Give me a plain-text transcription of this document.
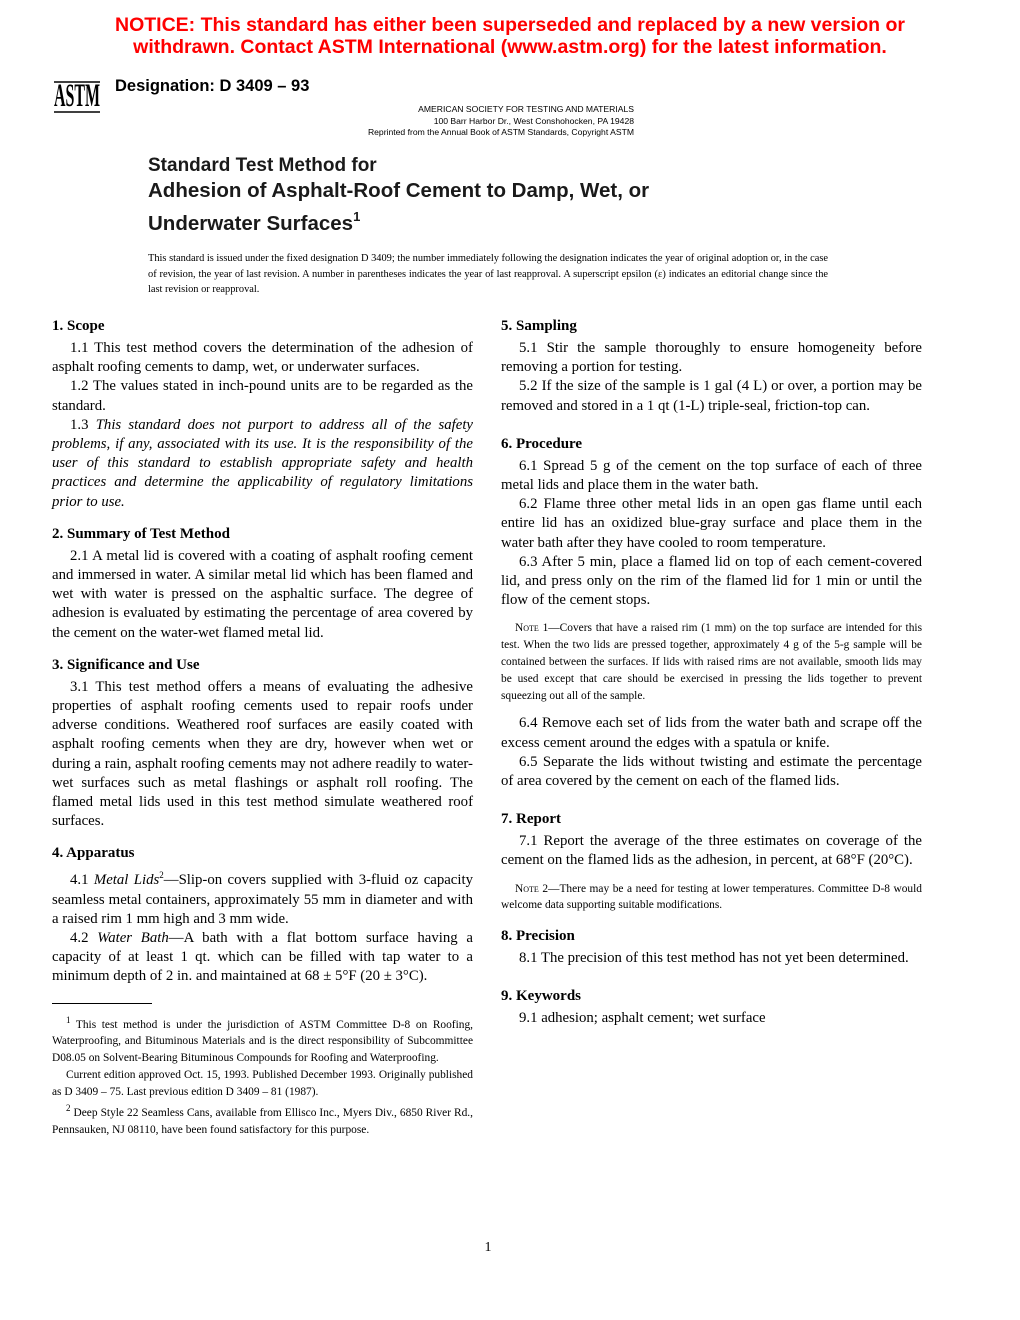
NOTICE: This standard has either been superseded and replaced by a new version or
withdrawn. Contact ASTM International (www.astm.org) for the latest information.
ASTM Designation: D 3409 – 93
AMERICAN SOCIETY FOR TESTING AND MATERIALS
100 Barr Harbor Dr., West Conshohocken, PA 19428
Reprinted from the Annual Book of ASTM Standards, Copyright ASTM
Standard Test Method for
Adhesion of Asphalt-Roof Cement to Damp, Wet, or
Underwater Surfaces$^1$
This standard is issued under the fixed designation D 3409; the number immediately following the designation indicates the year of original adoption or, in the case of revision, the year of last revision. A number in parentheses indicates the year of last reapproval. A superscript epsilon (ε) indicates an editorial change since the last revision or reapproval.
1. Scope

1.1 This test method covers the determination of the adhesion of asphalt roofing cements to damp, wet, or underwater surfaces.

1.2 The values stated in inch-pound units are to be regarded as the standard.

1.3 This standard does not purport to address all of the safety problems, if any, associated with its use. It is the responsibility of the user of this standard to establish appropriate safety and health practices and determine the applicability of regulatory limitations prior to use.

2. Summary of Test Method

2.1 A metal lid is covered with a coating of asphalt roofing cement and immersed in water. A similar metal lid which has been flamed and wet with water is pressed on the asphaltic surface. The degree of adhesion is evaluated by estimating the percentage of area covered by the cement on the water-wet flamed metal lid.

3. Significance and Use

3.1 This test method offers a means of evaluating the adhesive properties of asphalt roofing cements used to repair roofs under adverse conditions. Weathered roof surfaces are easily coated with asphalt roofing cements when they are dry, however when wet or during a rain, asphalt roofing cements may not adhere readily to water-wet surfaces such as metal flashings or asphalt roll roofing. The flamed metal lids used in this test method simulate weathered roof surfaces.

4. Apparatus

4.1 Metal Lids$^2$—Slip-on covers supplied with 3-fluid oz capacity seamless metal containers, approximately 55 mm in diameter and with a raised rim 1 mm high and 3 mm wide.

4.2 Water Bath—A bath with a flat bottom surface having a capacity of at least 1 qt. which can be filled with tap water to a minimum depth of 2 in. and maintained at 68 ± 5°F (20 ± 3°C).

$^1$ This test method is under the jurisdiction of ASTM Committee D-8 on Roofing, Waterproofing, and Bituminous Materials and is the direct responsibility of Subcommittee D08.05 on Solvent-Bearing Bituminous Compounds for Roofing and Waterproofing.

Current edition approved Oct. 15, 1993. Published December 1993. Originally published as D 3409 – 75. Last previous edition D 3409 – 81 (1987).

$^2$ Deep Style 22 Seamless Cans, available from Ellisco Inc., Myers Div., 6850 River Rd., Pennsauken, NJ 08110, have been found satisfactory for this purpose.

5. Sampling

5.1 Stir the sample thoroughly to ensure homogeneity before removing a portion for testing.

5.2 If the size of the sample is 1 gal (4 L) or over, a portion may be removed and stored in a 1 qt (1-L) triple-seal, friction-top can.

6. Procedure

6.1 Spread 5 g of the cement on the top surface of each of three metal lids and place them in the water bath.

6.2 Flame three other metal lids in an open gas flame until each entire lid has an oxidized blue-gray surface and place them in the water bath after they have cooled to room temperature.

6.3 After 5 min, place a flamed lid on top of each cement-covered lid, and press only on the rim of the flamed lid for 1 min or until the flow of the cement stops.

Note 1—Covers that have a raised rim (1 mm) on the top surface are intended for this test. When the two lids are pressed together, approximately 4 g of the 5-g sample will be contained between the surfaces. If lids with raised rims are not available, smooth lids may be used except that care should be exercised in pressing the lids together to prevent squeezing out all of the sample.

6.4 Remove each set of lids from the water bath and scrape off the excess cement around the edges with a spatula or knife.

6.5 Separate the lids without twisting and estimate the percentage of area covered by the cement on each of the flamed lids.

7. Report

7.1 Report the average of the three estimates on coverage of the cement on the flamed lids as the adhesion, in percent, at 68°F (20°C).

Note 2—There may be a need for testing at lower temperatures. Committee D-8 would welcome data supporting suitable modifications.

8. Precision

8.1 The precision of this test method has not yet been determined.

9. Keywords

9.1 adhesion; asphalt cement; wet surface

1
